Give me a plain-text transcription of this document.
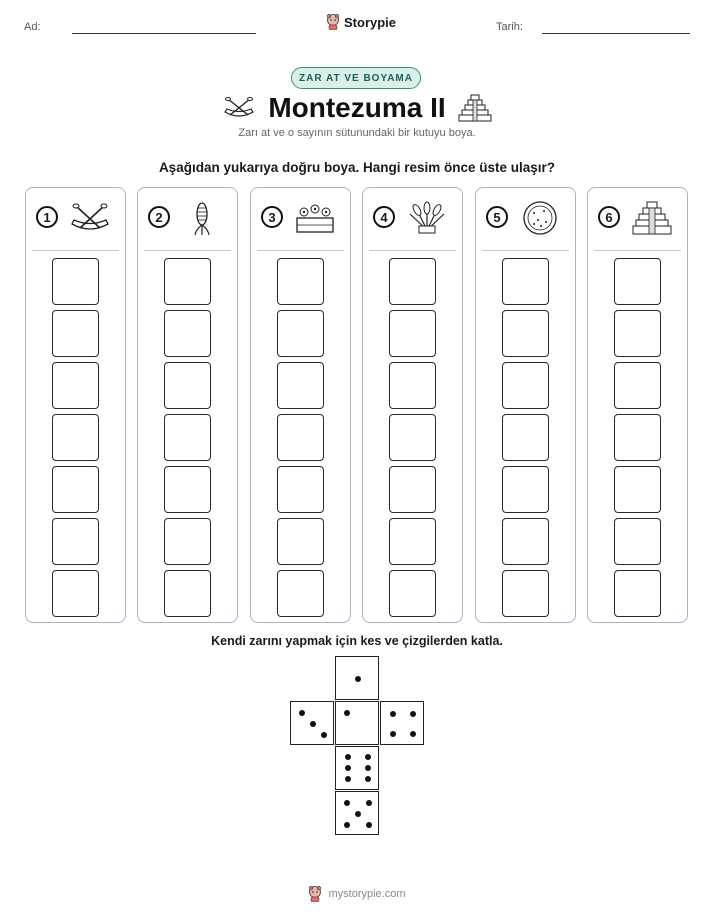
Ad:	Storypie	Tarih:
ZAR AT VE BOYAMA
Montezuma II
Zarı at ve o sayının sütunundaki bir kutuyu boya.
Aşağıdan yukarıya doğru boya. Hangi resim önce üste ulaşır?
1	2	3	4	5	6
Kendi zarını yapmak için kes ve çizgilerden katla.
mystorypie.com
